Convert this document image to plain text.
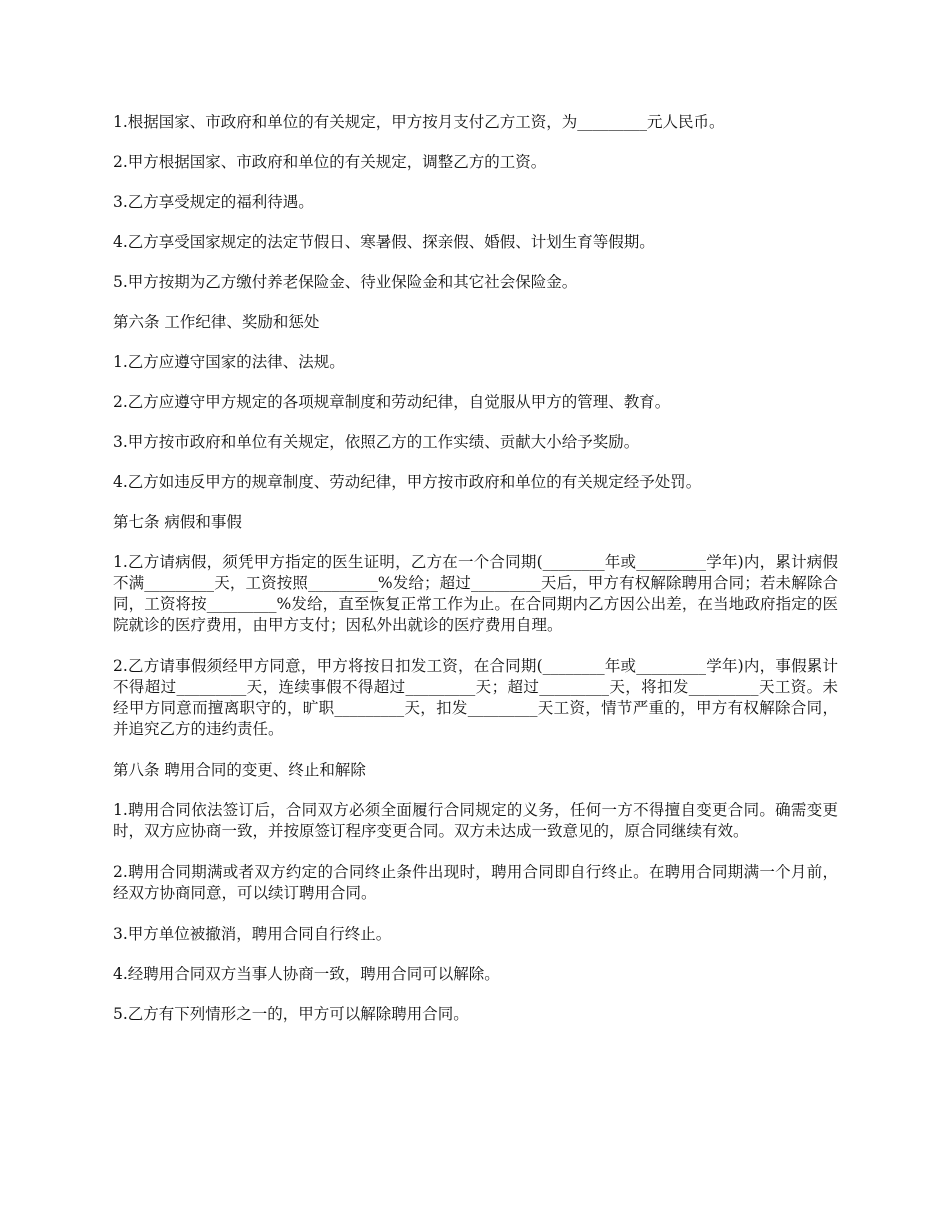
1.根据国家、市政府和单位的有关规定，甲方按月支付乙方工资，为_________元人民币。

2.甲方根据国家、市政府和单位的有关规定，调整乙方的工资。

3.乙方享受规定的福利待遇。

4.乙方享受国家规定的法定节假日、寒暑假、探亲假、婚假、计划生育等假期。

5.甲方按期为乙方缴付养老保险金、待业保险金和其它社会保险金。

第六条 工作纪律、奖励和惩处

1.乙方应遵守国家的法律、法规。

2.乙方应遵守甲方规定的各项规章制度和劳动纪律，自觉服从甲方的管理、教育。

3.甲方按市政府和单位有关规定，依照乙方的工作实绩、贡献大小给予奖励。

4.乙方如违反甲方的规章制度、劳动纪律，甲方按市政府和单位的有关规定经予处罚。

第七条 病假和事假

1.乙方请病假，须凭甲方指定的医生证明，乙方在一个合同期(________年或_________学年)内，累计病假不满_________天，工资按照_________%发给；超过_________天后，甲方有权解除聘用合同；若未解除合同，工资将按_________%发给，直至恢复正常工作为止。在合同期内乙方因公出差，在当地政府指定的医院就诊的医疗费用，由甲方支付；因私外出就诊的医疗费用自理。

2.乙方请事假须经甲方同意，甲方将按日扣发工资，在合同期(________年或_________学年)内，事假累计不得超过_________天，连续事假不得超过_________天；超过_________天，将扣发_________天工资。未经甲方同意而擅离职守的，旷职_________天，扣发_________天工资，情节严重的，甲方有权解除合同，并追究乙方的违约责任。

第八条 聘用合同的变更、终止和解除

1.聘用合同依法签订后，合同双方必须全面履行合同规定的义务，任何一方不得擅自变更合同。确需变更时，双方应协商一致，并按原签订程序变更合同。双方未达成一致意见的，原合同继续有效。

2.聘用合同期满或者双方约定的合同终止条件出现时，聘用合同即自行终止。在聘用合同期满一个月前，经双方协商同意，可以续订聘用合同。

3.甲方单位被撤消，聘用合同自行终止。

4.经聘用合同双方当事人协商一致，聘用合同可以解除。

5.乙方有下列情形之一的，甲方可以解除聘用合同。
